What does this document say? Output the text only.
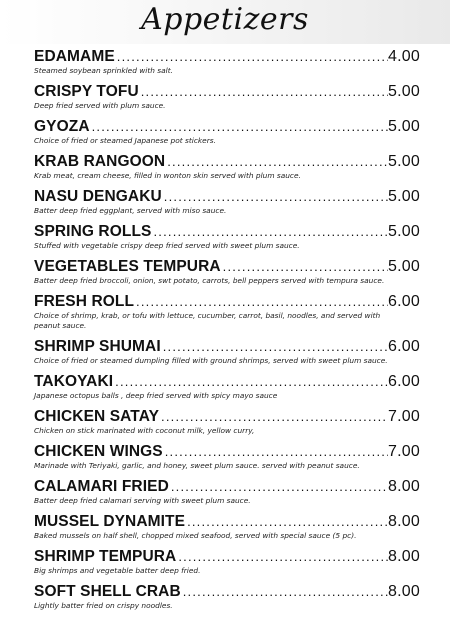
Appetizers
EDAMAME .....	4.00
Steamed soybean sprinkled with salt.
CRISPY TOFU .....	5.00
Deep fried served with plum sauce.
GYOZA .....	5.00
Choice of fried or steamed Japanese pot stickers.
KRAB RANGOON .....	5.00
Krab meat, cream cheese, filled in wonton skin served with plum sauce.
NASU DENGAKU .....	5.00
Batter deep fried eggplant, served with miso sauce.
SPRING ROLLS .....	5.00
Stuffed with vegetable crispy deep fried served with sweet plum sauce.
VEGETABLES TEMPURA .....	5.00
Batter deep fried broccoli, onion, swt potato, carrots, bell peppers served with tempura sauce.
FRESH ROLL .....	6.00
Choice of shrimp, krab, or tofu with lettuce, cucumber, carrot, basil, noodles, and served with peanut sauce.
SHRIMP SHUMAI .....	6.00
Choice of fried or steamed dumpling filled with ground shrimps, served with sweet plum sauce.
TAKOYAKI .....	6.00
Japanese octopus balls , deep fried served with spicy mayo sauce
CHICKEN SATAY .....	7.00
Chicken on stick marinated with coconut milk, yellow curry,
CHICKEN WINGS .....	7.00
Marinade with Teriyaki, garlic, and honey, sweet plum sauce. served with peanut sauce.
CALAMARI FRIED .....	8.00
Batter deep fried calamari serving with sweet plum sauce.
MUSSEL DYNAMITE .....	8.00
Baked mussels on half shell, chopped mixed seafood, served with special sauce (5 pc).
SHRIMP TEMPURA .....	8.00
Big shrimps and vegetable batter deep fried.
SOFT SHELL CRAB .....	8.00
Lightly batter fried on crispy noodles.
